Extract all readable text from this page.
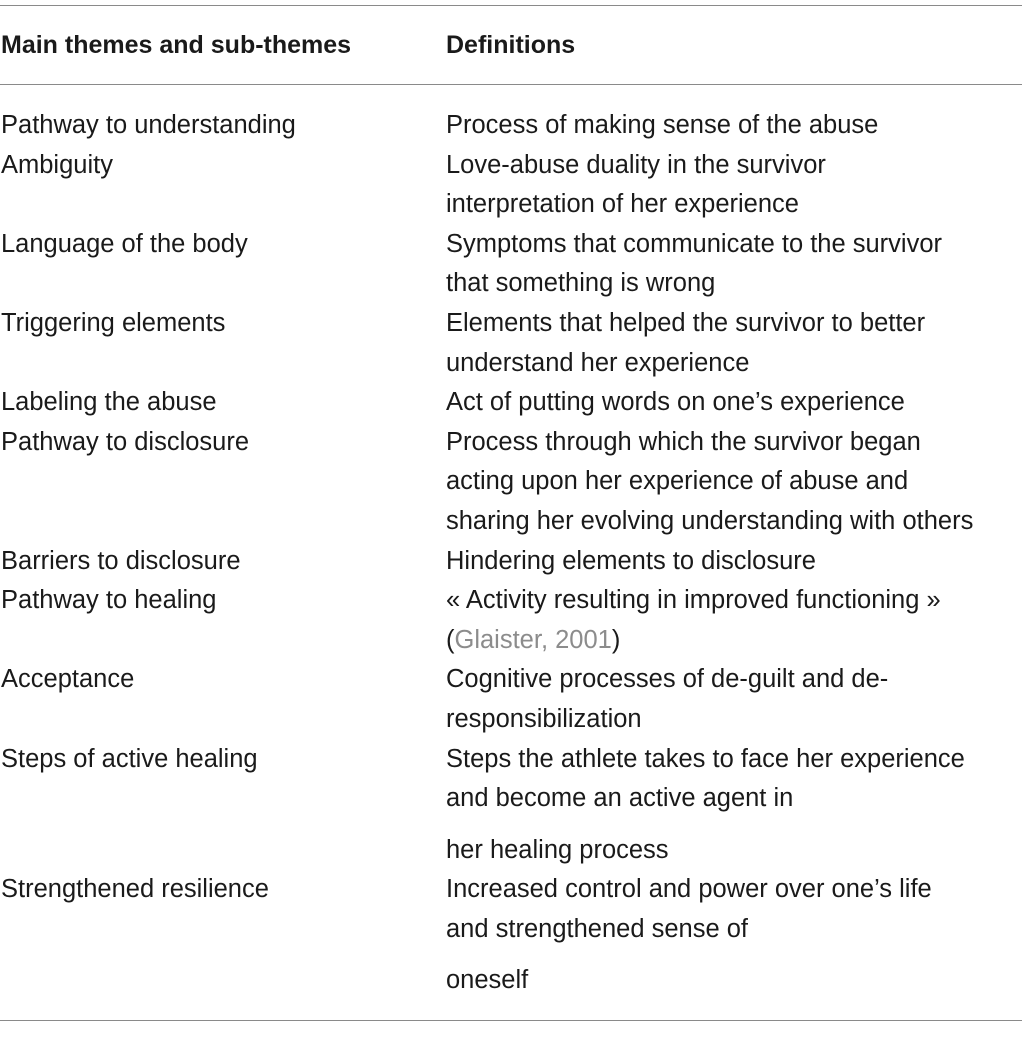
Main themes and sub-themes	Definitions
Pathway to understanding	Process of making sense of the abuse
Ambiguity	Love-abuse duality in the survivor
interpretation of her experience
Language of the body	Symptoms that communicate to the survivor
that something is wrong
Triggering elements	Elements that helped the survivor to better
understand her experience
Labeling the abuse	Act of putting words on one’s experience
Pathway to disclosure	Process through which the survivor began
acting upon her experience of abuse and
sharing her evolving understanding with others
Barriers to disclosure	Hindering elements to disclosure
Pathway to healing	« Activity resulting in improved functioning »
(Glaister, 2001)
Acceptance	Cognitive processes of de-guilt and de-
responsibilization
Steps of active healing	Steps the athlete takes to face her experience
and become an active agent in
her healing process
Strengthened resilience	Increased control and power over one’s life
and strengthened sense of
oneself
